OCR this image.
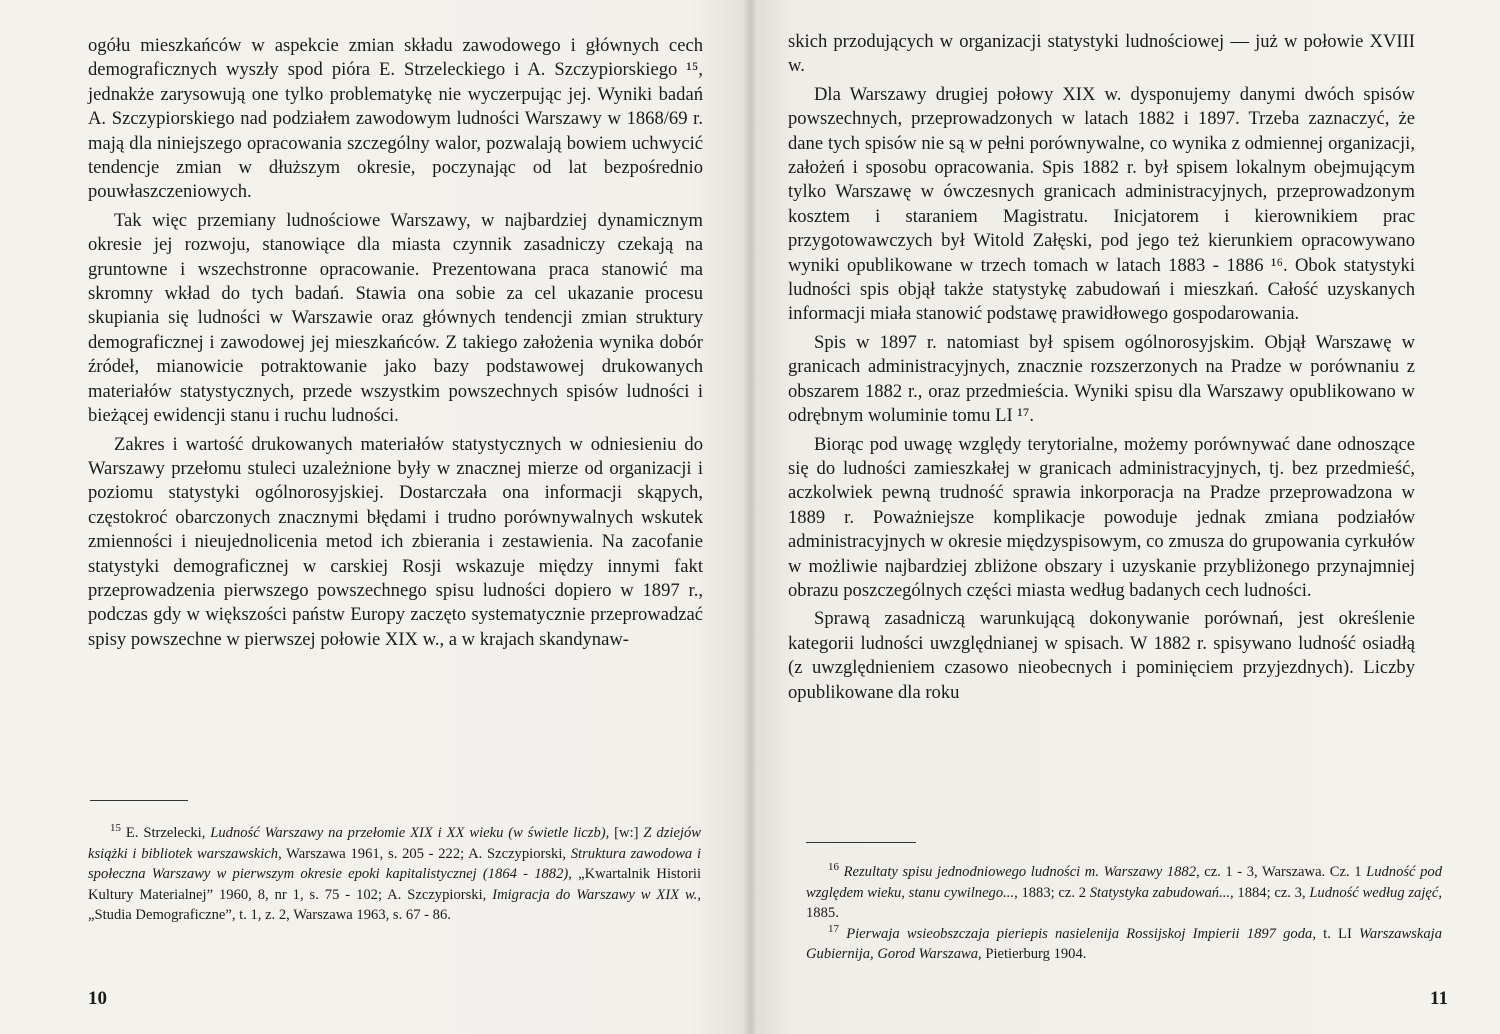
ogółu mieszkańców w aspekcie zmian składu zawodowego i głównych cech demograficznych wyszły spod pióra E. Strzeleckiego i A. Szczypiorskiego ¹⁵, jednakże zarysowują one tylko problematykę nie wyczerpując jej. Wyniki badań A. Szczypiorskiego nad podziałem zawodowym ludności Warszawy w 1868/69 r. mają dla niniejszego opracowania szczególny walor, pozwalają bowiem uchwycić tendencje zmian w dłuższym okresie, poczynając od lat bezpośrednio pouwłaszczeniowych.

Tak więc przemiany ludnościowe Warszawy, w najbardziej dynamicznym okresie jej rozwoju, stanowiące dla miasta czynnik zasadniczy czekają na gruntowne i wszechstronne opracowanie. Prezentowana praca stanowić ma skromny wkład do tych badań. Stawia ona sobie za cel ukazanie procesu skupiania się ludności w Warszawie oraz głównych tendencji zmian struktury demograficznej i zawodowej jej mieszkańców. Z takiego założenia wynika dobór źródeł, mianowicie potraktowanie jako bazy podstawowej drukowanych materiałów statystycznych, przede wszystkim powszechnych spisów ludności i bieżącej ewidencji stanu i ruchu ludności.

Zakres i wartość drukowanych materiałów statystycznych w odniesieniu do Warszawy przełomu stuleci uzależnione były w znacznej mierze od organizacji i poziomu statystyki ogólnorosyjskiej. Dostarczała ona informacji skąpych, częstokroć obarczonych znacznymi błędami i trudno porównywalnych wskutek zmienności i nieujednolicenia metod ich zbierania i zestawienia. Na zacofanie statystyki demograficznej w carskiej Rosji wskazuje między innymi fakt przeprowadzenia pierwszego powszechnego spisu ludności dopiero w 1897 r., podczas gdy w większości państw Europy zaczęto systematycznie przeprowadzać spisy powszechne w pierwszej połowie XIX w., a w krajach skandynaw-

$^{15}$ E. Strzelecki, Ludność Warszawy na przełomie XIX i XX wieku (w świetle liczb), [w:] Z dziejów książki i bibliotek warszawskich, Warszawa 1961, s. 205 - 222; A. Szczypiorski, Struktura zawodowa i społeczna Warszawy w pierwszym okresie epoki kapitalistycznej (1864 - 1882), „Kwartalnik Historii Kultury Materialnej” 1960, 8, nr 1, s. 75 - 102; A. Szczypiorski, Imigracja do Warszawy w XIX w., „Studia Demograficzne”, t. 1, z. 2, Warszawa 1963, s. 67 - 86.

10

skich przodujących w organizacji statystyki ludnościowej — już w połowie XVIII w.

Dla Warszawy drugiej połowy XIX w. dysponujemy danymi dwóch spisów powszechnych, przeprowadzonych w latach 1882 i 1897. Trzeba zaznaczyć, że dane tych spisów nie są w pełni porównywalne, co wynika z odmiennej organizacji, założeń i sposobu opracowania. Spis 1882 r. był spisem lokalnym obejmującym tylko Warszawę w ówczesnych granicach administracyjnych, przeprowadzonym kosztem i staraniem Magistratu. Inicjatorem i kierownikiem prac przygotowawczych był Witold Załęski, pod jego też kierunkiem opracowywano wyniki opublikowane w trzech tomach w latach 1883 - 1886 ¹⁶. Obok statystyki ludności spis objął także statystykę zabudowań i mieszkań. Całość uzyskanych informacji miała stanowić podstawę prawidłowego gospodarowania.

Spis w 1897 r. natomiast był spisem ogólnorosyjskim. Objął Warszawę w granicach administracyjnych, znacznie rozszerzonych na Pradze w porównaniu z obszarem 1882 r., oraz przedmieścia. Wyniki spisu dla Warszawy opublikowano w odrębnym woluminie tomu LI ¹⁷.

Biorąc pod uwagę względy terytorialne, możemy porównywać dane odnoszące się do ludności zamieszkałej w granicach administracyjnych, tj. bez przedmieść, aczkolwiek pewną trudność sprawia inkorporacja na Pradze przeprowadzona w 1889 r. Poważniejsze komplikacje powoduje jednak zmiana podziałów administracyjnych w okresie międzyspisowym, co zmusza do grupowania cyrkułów w możliwie najbardziej zbliżone obszary i uzyskanie przybliżonego przynajmniej obrazu poszczególnych części miasta według badanych cech ludności.

Sprawą zasadniczą warunkującą dokonywanie porównań, jest określenie kategorii ludności uwzględnianej w spisach. W 1882 r. spisywano ludność osiadłą (z uwzględnieniem czasowo nieobecnych i pominięciem przyjezdnych). Liczby opublikowane dla roku

$^{16}$ Rezultaty spisu jednodniowego ludności m. Warszawy 1882, cz. 1 - 3, Warszawa. Cz. 1 Ludność pod względem wieku, stanu cywilnego..., 1883; cz. 2 Statystyka zabudowań..., 1884; cz. 3, Ludność według zajęć, 1885.

$^{17}$ Pierwaja wsieobszczaja pieriepis nasielenija Rossijskoj Impierii 1897 goda, t. LI Warszawskaja Gubiernija, Gorod Warszawa, Pietierburg 1904.

11
